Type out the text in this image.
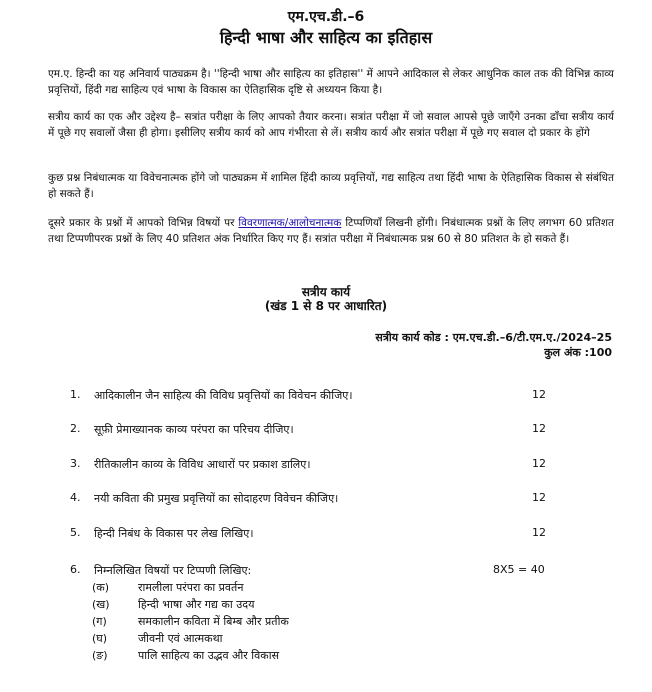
एम.एच.डी.–6
हिन्दी भाषा और साहित्य का इतिहास

एम.ए. हिन्दी का यह अनिवार्य पाठ्यक्रम है। ''हिन्दी भाषा और साहित्य का इतिहास'' में आपने आदिकाल से लेकर आधुनिक काल तक की विभिन्न काव्य प्रवृत्तियों, हिंदी गद्य साहित्य एवं भाषा के विकास का ऐतिहासिक दृष्टि से अध्ययन किया है।

सत्रीय कार्य का एक और उद्देश्य है– सत्रांत परीक्षा के लिए आपको तैयार करना। सत्रांत परीक्षा में जो सवाल आपसे पूछे जाएँगे उनका ढाँचा सत्रीय कार्य में पूछे गए सवालों जैसा ही होगा। इसीलिए सत्रीय कार्य को आप गंभीरता से लें। सत्रीय कार्य और सत्रांत परीक्षा में पूछे गए सवाल दो प्रकार के होंगे

कुछ प्रश्न निबंधात्मक या विवेचनात्मक होंगे जो पाठ्यक्रम में शामिल हिंदी काव्य प्रवृत्तियों, गद्य साहित्य तथा हिंदी भाषा के ऐतिहासिक विकास से संबंधित हो सकते हैं।

दूसरे प्रकार के प्रश्नों में आपको विभिन्न विषयों पर विवरणात्मक/आलोचनात्मक टिप्पणियाँ लिखनी होंगी। निबंधात्मक प्रश्नों के लिए लगभग 60 प्रतिशत तथा टिप्पणीपरक प्रश्नों के लिए 40 प्रतिशत अंक निर्धारित किए गए हैं। सत्रांत परीक्षा में निबंधात्मक प्रश्न 60 से 80 प्रतिशत के हो सकते हैं।

सत्रीय कार्य
(खंड 1 से 8 पर आधारित)
सत्रीय कार्य कोड : एम.एच.डी.–6/टी.एम.ए./2024–25
कुल अंक :100
1. आदिकालीन जैन साहित्य की विविध प्रवृत्तियों का विवेचन कीजिए।	12
2. सूफ़ी प्रेमाख्यानक काव्य परंपरा का परिचय दीजिए।	12
3. रीतिकालीन काव्य के विविध आधारों पर प्रकाश डालिए।	12
4. नयी कविता की प्रमुख प्रवृत्तियों का सोदाहरण विवेचन कीजिए।	12
5. हिन्दी निबंध के विकास पर लेख लिखिए।	12
6. निम्नलिखित विषयों पर टिप्पणी लिखिए:	8X5 = 40
(क)	रामलीला परंपरा का प्रवर्तन
(ख)	हिन्दी भाषा और गद्य का उदय
(ग)	समकालीन कविता में बिम्ब और प्रतीक
(घ)	जीवनी एवं आत्मकथा
(ङ)	पालि साहित्य का उद्भव और विकास
